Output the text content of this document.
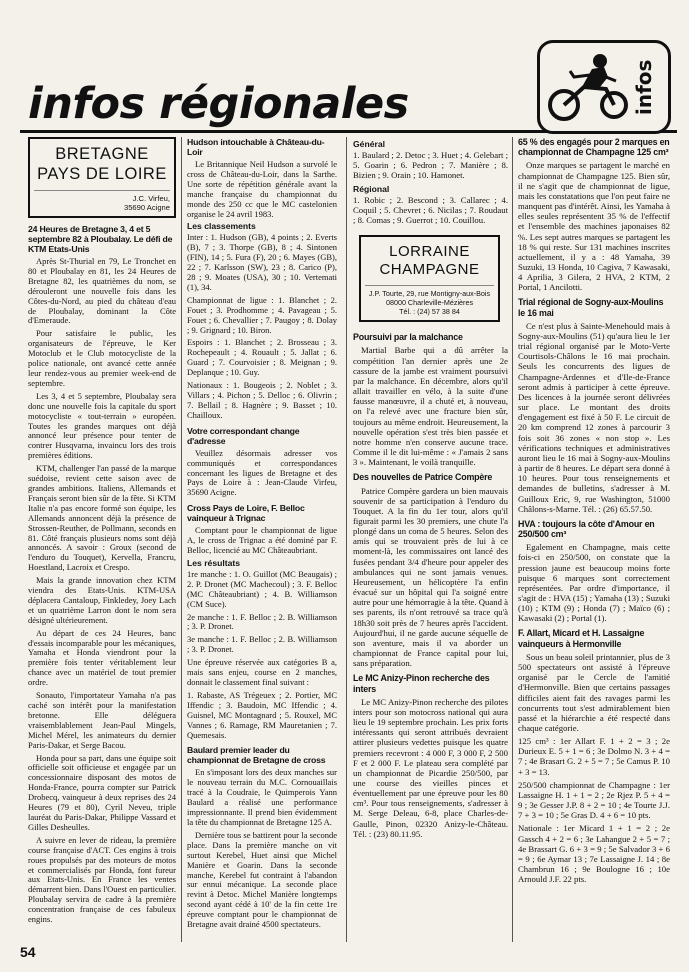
infos régionales	infos
BRETAGNE
PAYS DE LOIRE
J.C. Virfeu,
35690 Acigne
24 Heures de Bretagne 3, 4 et 5 septembre 82 à Ploubalay. Le défi de KTM Etats-Unis

Après St-Thurial en 79, Le Tronchet en 80 et Ploubalay en 81, les 24 Heures de Bretagne 82, les quatrièmes du nom, se dérouleront une nouvelle fois dans les Côtes-du-Nord, au pied du château d'eau de Ploubalay, dominant la Côte d'Emeraude.

Pour satisfaire le public, les organisateurs de l'épreuve, le Ker Motoclub et le Club motocycliste de la police nationale, ont avancé cette année leur rendez-vous au premier week-end de septembre.

Les 3, 4 et 5 septembre, Ploubalay sera donc une nouvelle fois la capitale du sport motocycliste « tout-terrain » européen. Toutes les grandes marques ont déjà annoncé leur présence pour tenter de contrer Husqvarna, invaincu lors des trois premières éditions.

KTM, challenger l'an passé de la marque suédoise, revient cette saison avec de grandes ambitions. Italiens, Allemands et Français seront bien sûr de la fête. Si KTM Italie n'a pas encore formé son équipe, les Allemands annoncent déjà la présence de Strossen-Reuther, de Pollmann, seconds en 81. Côté français plusieurs noms sont déjà annoncés. A savoir : Groux (second de l'enduro du Touquet), Kervella, Francru, Hoestland, Lacroix et Crespo.

Mais la grande innovation chez KTM viendra des Etats-Unis. KTM-USA déplacera Cantaloup, Finkledey, Joey Lach et un quatrième Larron dont le nom sera désigné ultérieurement.

Au départ de ces 24 Heures, banc d'essais incomparable pour les mécaniques, Yamaha et Honda viendront pour la première fois tenter véritablement leur chance avec un matériel de tout premier ordre.

Sonauto, l'importateur Yamaha n'a pas caché son intérêt pour la manifestation bretonne. Elle déléguera vraisemblablement Jean-Paul Mingels, Michel Mérel, les animateurs du dernier Paris-Dakar, et Serge Bacou.

Honda pour sa part, dans une équipe soit officielle soit officieuse et engagée par un concessionnaire disposant des motos de Honda-France, pourra compter sur Patrick Drobecq, vainqueur à deux reprises des 24 Heures (79 et 80), Cyril Neveu, triple lauréat du Paris-Dakar, Philippe Vassard et Gilles Desheulles.

A suivre en lever de rideau, la première course française d'ACT. Ces engins à trois roues propulsés par des moteurs de motos et commercialisés par Honda, font fureur aux Etats-Unis. En France les ventes démarrent bien. Dans l'Ouest en particulier. Ploubalay servira de cadre à la première concentration française de ces fabuleux engins.

Hudson intouchable à Château-du-Loir

Le Britannique Neil Hudson a survolé le cross de Château-du-Loir, dans la Sarthe. Une sorte de répétition générale avant la manche française du championnat du monde des 250 cc que le MC castelonien organise le 24 avril 1983.

Les classements

Inter : 1. Hudson (GB), 4 points ; 2. Everts (B), 7 ; 3. Thorpe (GB), 8 ; 4. Sintonen (FIN), 14 ; 5. Fura (F), 20 ; 6. Mayes (GB), 22 ; 7. Karlsson (SW), 23 ; 8. Carico (P), 28 ; 9. Moates (USA), 30 ; 10. Vertemati (1), 34.

Championnat de ligue : 1. Blanchet ; 2. Fouet ; 3. Prodhomme ; 4. Pavageau ; 5. Fouet ; 6. Chevallier ; 7. Paugoy ; 8. Dolay ; 9. Grignard ; 10. Biron.

Espoirs : 1. Blanchet ; 2. Brosseau ; 3. Rochepeault ; 4. Rouault ; 5. Jallat ; 6. Guard ; 7. Courvoisier ; 8. Meignan ; 9. Deplanque ; 10. Guy.

Nationaux : 1. Bougeois ; 2. Noblet ; 3. Villars ; 4. Pichon ; 5. Delloc ; 6. Olivrin ; 7. Bellail ; 8. Hagnère ; 9. Basset ; 10. Chailloux.

Votre correspondant change d'adresse

Veuillez désormais adresser vos communiqués et correspondances concernant les ligues de Bretagne et des Pays de Loire à : Jean-Claude Virfeu, 35690 Acigne.

Cross Pays de Loire, F. Belloc vainqueur à Trignac

Comptant pour le championnat de ligue A, le cross de Trignac a été dominé par F. Belloc, licencié au MC Châteaubriant.

Les résultats

1re manche : 1. O. Guillot (MC Beaugais) ; 2. P. Dronet (MC Machecoul) ; 3. F. Belloc (MC Châteaubriant) ; 4. B. Williamson (CM Suce).

2e manche : 1. F. Belloc ; 2. B. Williamson ; 3. P. Dronet.

3e manche : 1. F. Belloc ; 2. B. Williamson ; 3. P. Dronet.

Une épreuve réservée aux catégories B a, mais sans enjeu, course en 2 manches, donnait le classement final suivant :

1. Rabaste, AS Trégeuex ; 2. Portier, MC Iffendic ; 3. Baudoin, MC Iffendic ; 4. Guisnel, MC Montagnard ; 5. Rouxel, MC Vannes ; 6. Ramage, RM Mauretanien ; 7. Quemesais.

Baulard premier leader du championnat de Bretagne de cross

En s'imposant lors des deux manches sur le nouveau terrain du M.C. Cornouaillais tracé à la Coudraie, le Quimperois Yann Baulard a réalisé une performance impressionnante. Il prend bien évidemment la tête du championnat de Bretagne 125 A.

Dernière tous se battirent pour la seconde place. Dans la première manche on vit surtout Kerebel, Huet ainsi que Michel Manière et Goarin. Dans la seconde manche, Kerebel fut contraint à l'abandon sur ennui mécanique. La seconde place revint à Detoc. Michel Manière longtemps second ayant cédé à 10' de la fin cette 1re épreuve comptant pour le championnat de Bretagne avait drainé 4500 spectateurs.

Général

1. Baulard ; 2. Detoc ; 3. Huet ; 4. Gelebart ; 5. Goarin ; 6. Pedron ; 7. Manière ; 8. Bizien ; 9. Orain ; 10. Hamonet.

Régional

1. Robic ; 2. Bescond ; 3. Callarec ; 4. Coquil ; 5. Chevret ; 6. Nicilas ; 7. Roudaut ; 8. Comas ; 9. Guerrot ; 10. Couillou.

LORRAINE
CHAMPAGNE
J.P. Tourte, 29, rue Montigny-aux-Bois
08000 Charleville-Mézières
Tél. : (24) 57 38 84
Poursuivi par la malchance

Martial Barbe qui a dû arrêter la compétition l'an dernier après une 2e cassure de la jambe est vraiment poursuivi par la malchance. En décembre, alors qu'il allait travailler en vélo, à la suite d'une fausse manœuvre, il a chuté et, à nouveau, on l'a relevé avec une fracture bien sûr, toujours au même endroit. Heureusement, la nouvelle opération s'est très bien passée et notre homme n'en conserve aucune trace. Comme il le dit lui-même : « J'amais 2 sans 3 ». Maintenant, le voilà tranquille.

Des nouvelles de Patrice Compère

Patrice Compère gardera un bien mauvais souvenir de sa participation à l'enduro du Touquet. A la fin du 1er tour, alors qu'il figurait parmi les 30 premiers, une chute l'a plongé dans un coma de 5 heures. Selon des amis qui se trouvaient près de lui à ce moment-là, les commissaires ont lancé des fusées pendant 3/4 d'heure pour appeler des ambulances qui ne sont jamais venues. Heureusement, un hélicoptère l'a enfin évacué sur un hôpital qui l'a soigné entre autre pour une hémorragie à la tête. Quand à ses parents, ils n'ont retrouvé sa trace qu'à 18h30 soit près de 7 heures après l'accident. Aujourd'hui, il ne garde aucune séquelle de son aventure, mais il va aborder un championnat de France capital pour lui, sans préparation.

Le MC Anizy-Pinon recherche des inters

Le MC Anizy-Pinon recherche des pilotes inters pour son motocross national qui aura lieu le 19 septembre prochain. Les prix forts intéressants qui seront attribués devraient attirer plusieurs vedettes puisque les quatre premiers recevront : 4 000 F, 3 000 F, 2 500 F et 2 000 F. Le plateau sera complété par un championnat de Picardie 250/500, par une course des vieilles pinces et éventuellement par une épreuve pour les 80 cm³. Pour tous renseignements, s'adresser à M. Serge Deleau, 6-8, place Charles-de-Gaulle, Pinon, 02320 Anizy-le-Château. Tél. : (23) 80.11.95.

65 % des engagés pour 2 marques en championnat de Champagne 125 cm³

Onze marques se partagent le marché en championnat de Champagne 125. Bien sûr, il ne s'agit que de championnat de ligue, mais les constatations que l'on peut faire ne manquent pas d'intérêt. Ainsi, les Yamaha à elles seules représentent 35 % de l'effectif et l'ensemble des machines japonaises 82 %. Les sept autres marques se partagent les 18 % qui reste. Sur 131 machines inscrites actuellement, il y a : 48 Yamaha, 39 Suzuki, 13 Honda, 10 Cagiva, 7 Kawasaki, 4 Aprilia, 3 Gilera, 2 HVA, 2 KTM, 2 Portal, 1 Ancilotti.

Trial régional de Sogny-aux-Moulins le 16 mai

Ce n'est plus à Sainte-Menehould mais à Sogny-aux-Moulins (51) qu'aura lieu le 1er trial régional organisé par le Moto-Verte Courtisols-Châlons le 16 mai prochain. Seuls les concurrents des ligues de Champagne-Ardennes et d'Ile-de-France seront admis à participer à cette épreuve. Des licences à la journée seront délivrées sur place. Le montant des droits d'engagement est fixé à 50 F. Le circuit de 20 km comprend 12 zones à parcourir 3 fois soit 36 zones « non stop ». Les vérifications techniques et administratives auront lieu le 16 mai à Sogny-aux-Moulins à partir de 8 heures. Le départ sera donné à 10 heures. Pour tous renseignements et demandes de bulletins, s'adresser à M. Guilloux Eric, 9, rue Washington, 51000 Châlons-s-Marne. Tél. : (26) 65.57.50.

HVA : toujours la côte d'Amour en 250/500 cm³

Egalement en Champagne, mais cette fois-ci en 250/500, on constate que la pression jaune est beaucoup moins forte puisque 6 marques sont correctement représentées. Par ordre d'importance, il s'agit de : HVA (15) ; Yamaha (13) ; Suzuki (10) ; KTM (9) ; Honda (7) ; Maïco (6) ; Kawasaki (2) ; Portal (1).

F. Allart, Micard et H. Lassaigne vainqueurs à Hermonville

Sous un beau soleil printannier, plus de 3 500 spectateurs ont assisté à l'épreuve organisé par le Cercle de l'amitié d'Hermonville. Bien que certains passages difficiles aient fait des ravages parmi les concurrents tout s'est admirablement bien passé et la hiérarchie a été respecté dans chaque catégorie.

125 cm³ : 1er Allart F. 1 + 2 = 3 ; 2e Durieux E. 5 + 1 = 6 ; 3e Dolmo N. 3 + 4 = 7 ; 4e Brasart G. 2 + 5 = 7 ; 5e Camus P. 10 + 3 = 13.

250/500 championnat de Champagne : 1er Lassaigne H. 1 + 1 = 2 ; 2e Rjez P. 5 + 4 = 9 ; 3e Gesser J.P. 8 + 2 = 10 ; 4e Tourte J.J. 7 + 3 = 10 ; 5e Gras D. 4 + 6 = 10 pts.

Nationale : 1er Micard 1 + 1 = 2 ; 2e Gassch 4 + 2 = 6 ; 3e Lahangue 2 + 5 = 7 ; 4e Brassart G. 6 + 3 = 9 ; 5e Salvador 3 + 6 = 9 ; 6e Aymar 13 ; 7e Lassaigne J. 14 ; 8e Chambrun 16 ; 9e Boulogne 16 ; 10e Arnould J.F. 22 pts.

54
